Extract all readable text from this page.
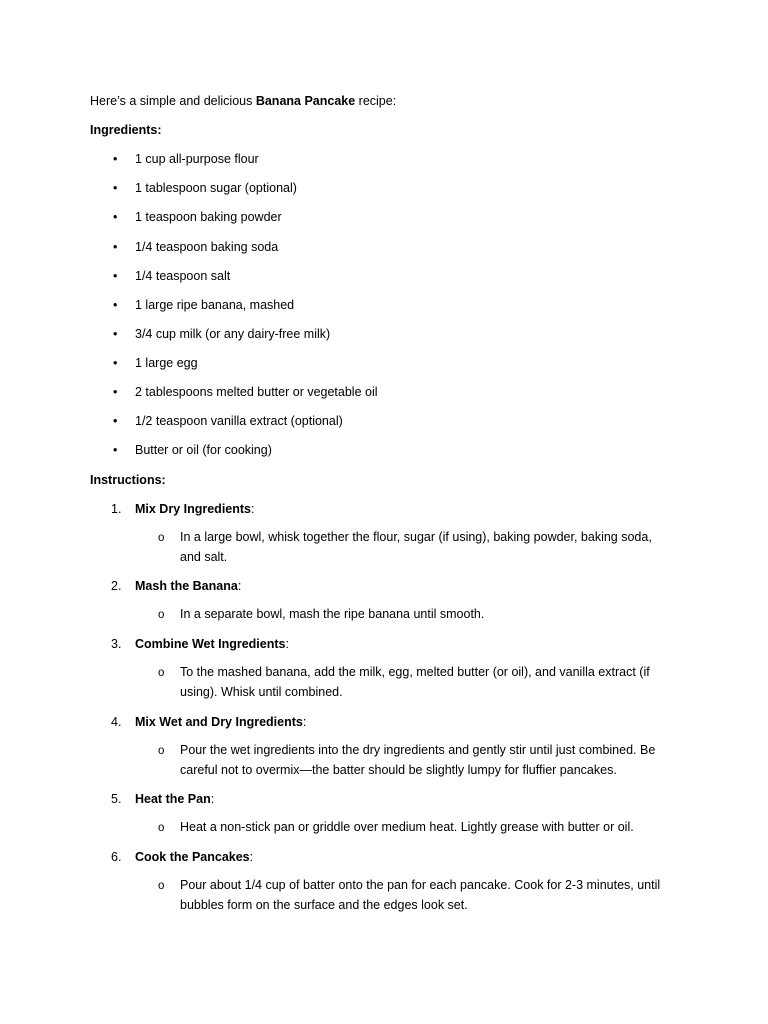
Here’s a simple and delicious Banana Pancake recipe:
Ingredients:
•	1 cup all-purpose flour
•	1 tablespoon sugar (optional)
•	1 teaspoon baking powder
•	1/4 teaspoon baking soda
•	1/4 teaspoon salt
•	1 large ripe banana, mashed
•	3/4 cup milk (or any dairy-free milk)
•	1 large egg
•	2 tablespoons melted butter or vegetable oil
•	1/2 teaspoon vanilla extract (optional)
•	Butter or oil (for cooking)
Instructions:
1.	Mix Dry Ingredients:
o In a large bowl, whisk together the flour, sugar (if using), baking powder, baking soda, and salt.
2.	Mash the Banana:
o In a separate bowl, mash the ripe banana until smooth.
3.	Combine Wet Ingredients:
o To the mashed banana, add the milk, egg, melted butter (or oil), and vanilla extract (if using). Whisk until combined.
4.	Mix Wet and Dry Ingredients:
o Pour the wet ingredients into the dry ingredients and gently stir until just combined. Be careful not to overmix—the batter should be slightly lumpy for fluffier pancakes.
5.	Heat the Pan:
o Heat a non-stick pan or griddle over medium heat. Lightly grease with butter or oil.
6.	Cook the Pancakes:
o Pour about 1/4 cup of batter onto the pan for each pancake. Cook for 2-3 minutes, until bubbles form on the surface and the edges look set.
